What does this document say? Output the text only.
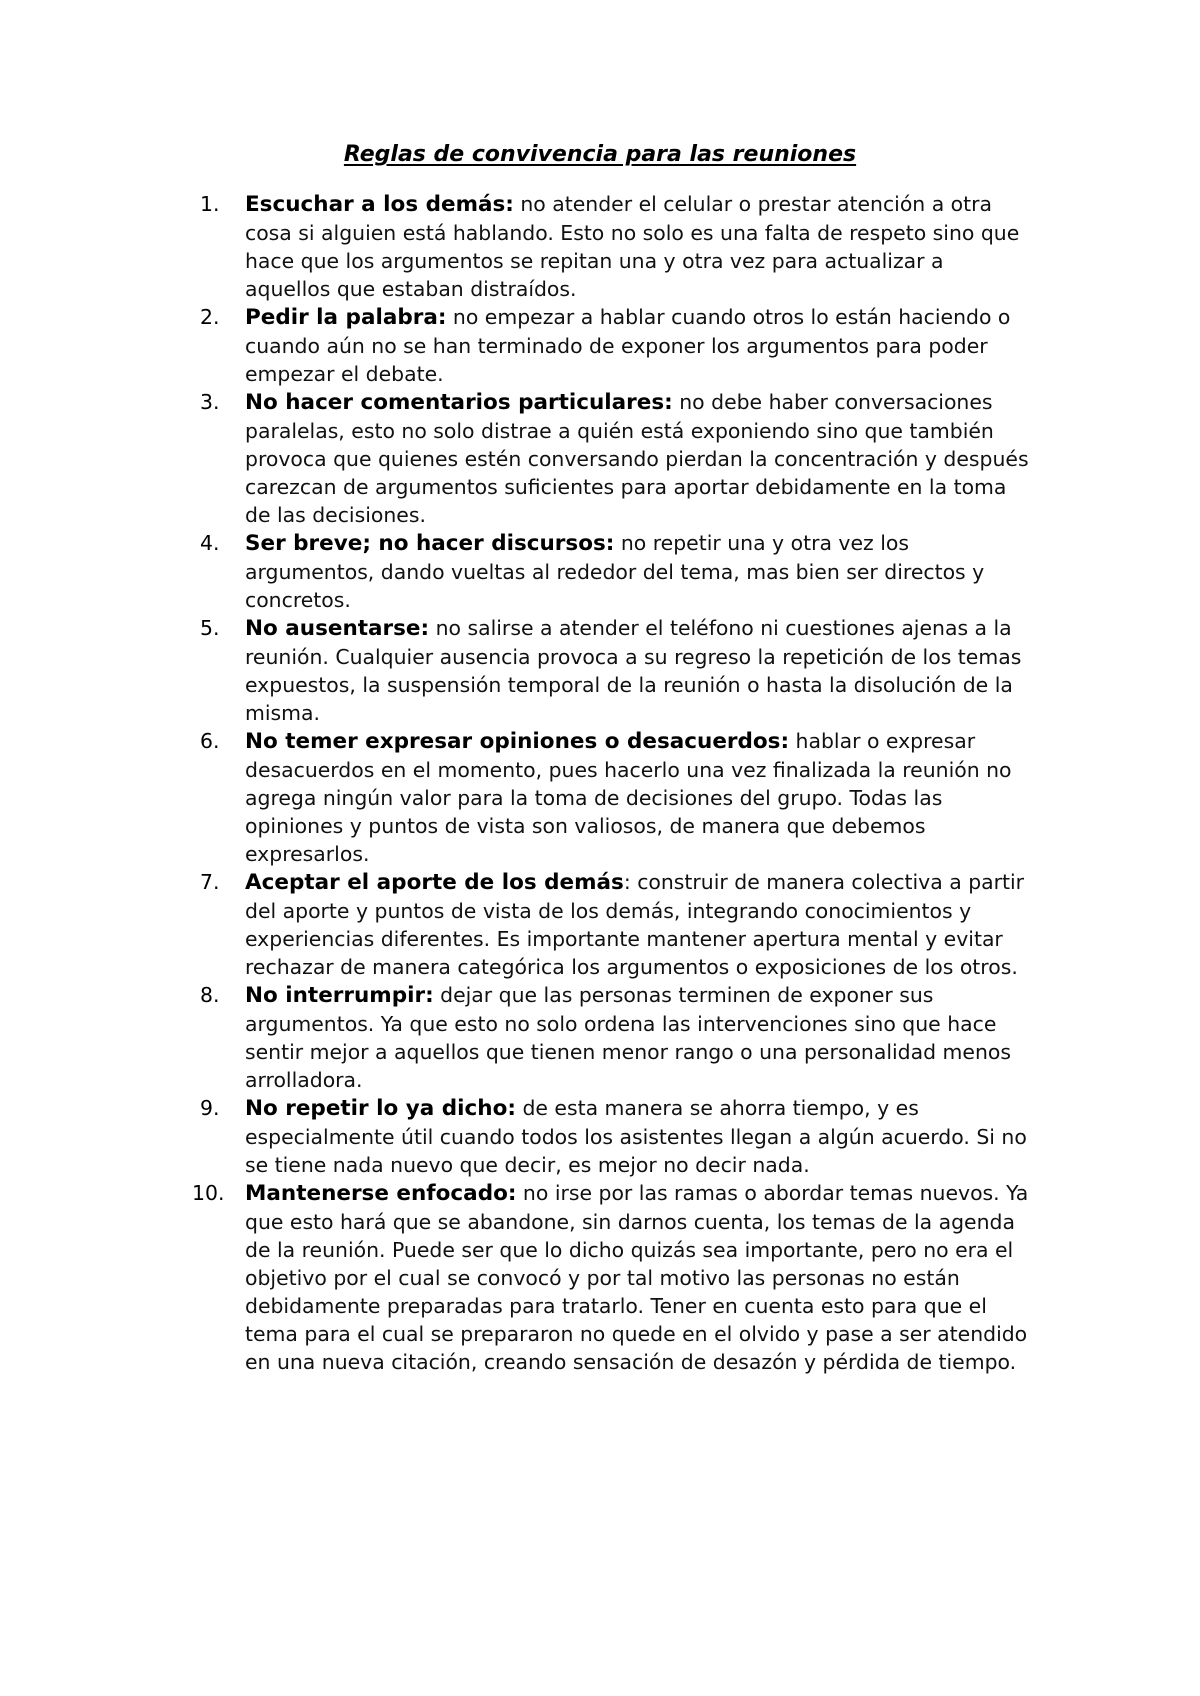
Reglas de convivencia para las reuniones
1.	Escuchar a los demás: no atender el celular o prestar atención a otra cosa si alguien está hablando. Esto no solo es una falta de respeto sino que hace que los argumentos se repitan una y otra vez para actualizar a aquellos que estaban distraídos.
2.	Pedir la palabra: no empezar a hablar cuando otros lo están haciendo o cuando aún no se han terminado de exponer los argumentos para poder empezar el debate.
3.	No hacer comentarios particulares: no debe haber conversaciones paralelas, esto no solo distrae a quién está exponiendo sino que también provoca que quienes estén conversando pierdan la concentración y después carezcan de argumentos suficientes para aportar debidamente en la toma de las decisiones.
4.	Ser breve; no hacer discursos: no repetir una y otra vez los argumentos, dando vueltas al rededor del tema, mas bien ser directos y concretos.
5.	No ausentarse: no salirse a atender el teléfono ni cuestiones ajenas a la reunión. Cualquier ausencia provoca a su regreso la repetición de los temas expuestos, la suspensión temporal de la reunión o hasta la disolución de la misma.
6.	No temer expresar opiniones o desacuerdos: hablar o expresar desacuerdos en el momento, pues hacerlo una vez finalizada la reunión no agrega ningún valor para la toma de decisiones del grupo. Todas las opiniones y puntos de vista son valiosos, de manera que debemos expresarlos.
7.	Aceptar el aporte de los demás: construir de manera colectiva a partir del aporte y puntos de vista de los demás, integrando conocimientos y experiencias diferentes. Es importante mantener apertura mental y evitar rechazar de manera categórica los argumentos o exposiciones de los otros.
8.	No interrumpir: dejar que las personas terminen de exponer sus argumentos. Ya que esto no solo ordena las intervenciones sino que hace sentir mejor a aquellos que tienen menor rango o una personalidad menos arrolladora.
9.	No repetir lo ya dicho: de esta manera se ahorra tiempo, y es especialmente útil cuando todos los asistentes llegan a algún acuerdo. Si no se tiene nada nuevo que decir, es mejor no decir nada.
10. Mantenerse enfocado: no irse por las ramas o abordar temas nuevos. Ya que esto hará que se abandone, sin darnos cuenta, los temas de la agenda de la reunión. Puede ser que lo dicho quizás sea importante, pero no era el objetivo por el cual se convocó y por tal motivo las personas no están debidamente preparadas para tratarlo. Tener en cuenta esto para que el tema para el cual se prepararon no quede en el olvido y pase a ser atendido en una nueva citación, creando sensación de desazón y pérdida de tiempo.
